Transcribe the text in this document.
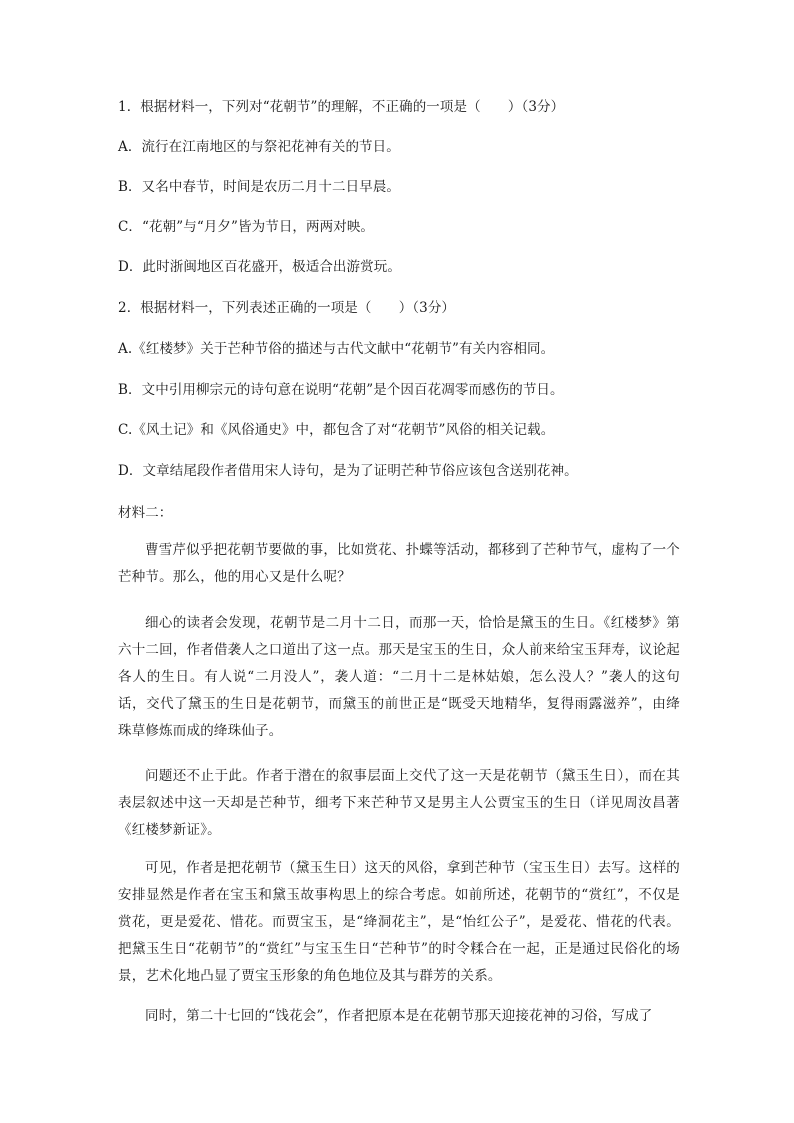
1．根据材料一，下列对“花朝节”的理解，不正确的一项是（　　）（3分）
A．流行在江南地区的与祭祀花神有关的节日。
B．又名中春节，时间是农历二月十二日早晨。
C．“花朝”与“月夕”皆为节日，两两对映。
D．此时浙闽地区百花盛开，极适合出游赏玩。
2．根据材料一，下列表述正确的一项是（　　）（3分）
A.《红楼梦》关于芒种节俗的描述与古代文献中“花朝节”有关内容相同。
B．文中引用柳宗元的诗句意在说明“花朝”是个因百花凋零而感伤的节日。
C.《风土记》和《风俗通史》中，都包含了对“花朝节”风俗的相关记载。
D．文章结尾段作者借用宋人诗句，是为了证明芒种节俗应该包含送别花神。
材料二：
曹雪芹似乎把花朝节要做的事，比如赏花、扑蝶等活动，都移到了芒种节气，虚构了一个芒种节。那么，他的用心又是什么呢？
细心的读者会发现，花朝节是二月十二日，而那一天，恰恰是黛玉的生日。《红楼梦》第六十二回，作者借袭人之口道出了这一点。那天是宝玉的生日，众人前来给宝玉拜寿，议论起各人的生日。有人说“二月没人”，袭人道：“二月十二是林姑娘，怎么没人？”袭人的这句话，交代了黛玉的生日是花朝节，而黛玉的前世正是“既受天地精华，复得雨露滋养”，由绛珠草修炼而成的绛珠仙子。
问题还不止于此。作者于潜在的叙事层面上交代了这一天是花朝节（黛玉生日），而在其表层叙述中这一天却是芒种节，细考下来芒种节又是男主人公贾宝玉的生日（详见周汝昌著《红楼梦新证》。
可见，作者是把花朝节（黛玉生日）这天的风俗，拿到芒种节（宝玉生日）去写。这样的安排显然是作者在宝玉和黛玉故事构思上的综合考虑。如前所述，花朝节的“赏红”，不仅是赏花，更是爱花、惜花。而贾宝玉，是“绛洞花主”，是“怡红公子”，是爱花、惜花的代表。把黛玉生日“花朝节”的“赏红”与宝玉生日“芒种节”的时令糅合在一起，正是通过民俗化的场景，艺术化地凸显了贾宝玉形象的角色地位及其与群芳的关系。
同时，第二十七回的“饯花会”，作者把原本是在花朝节那天迎接花神的习俗，写成了
